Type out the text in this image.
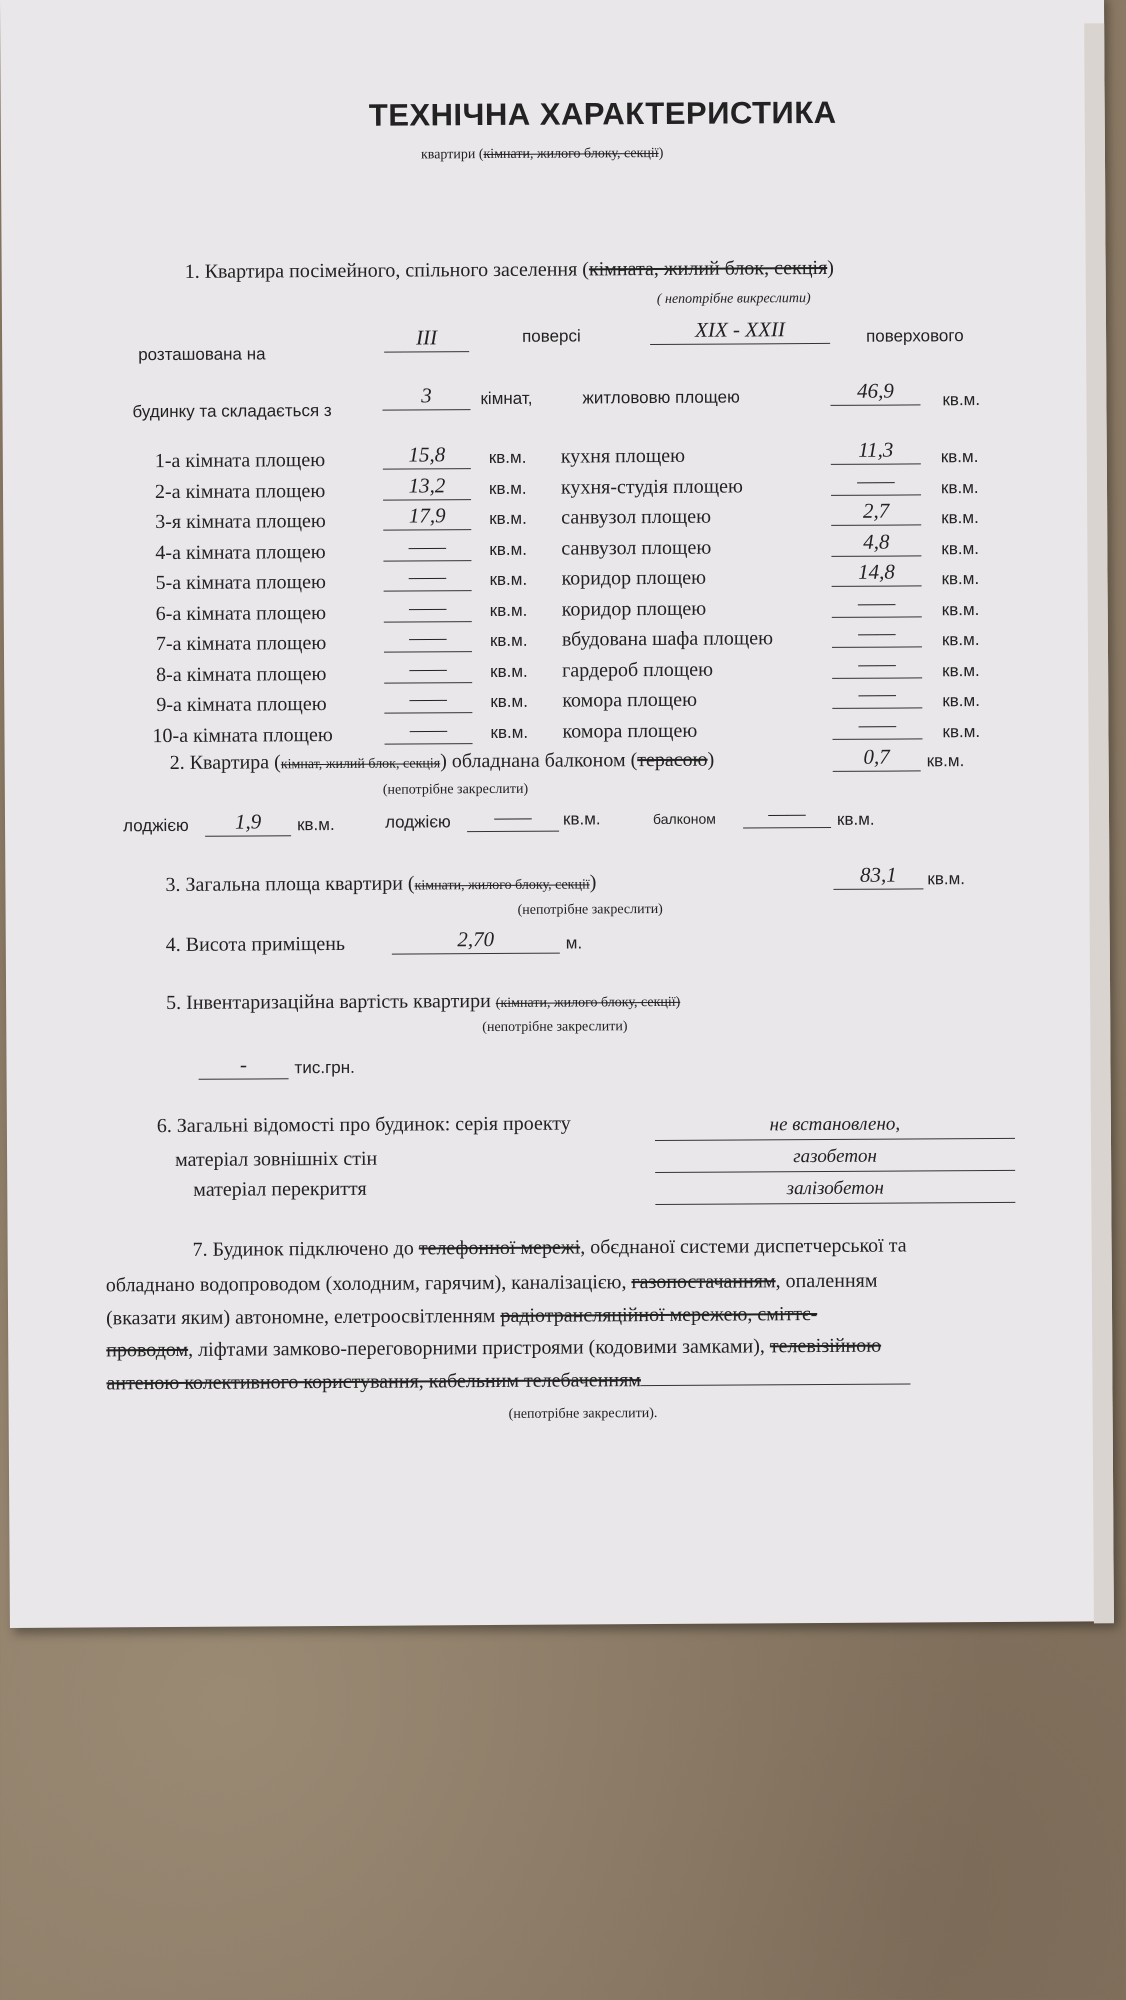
ТЕХНІЧНА ХАРАКТЕРИСТИКА
квартири (кімнати, жилого блоку, секції)
1. Квартира посімейного, спільного заселення (кімната, жилий блок, секція)
( непотрібне викреслити)
розташована на
III	поверсі	XIX - XXII	поверхового
будинку та складається з
3	кімнат,	житлововю площею	46,9	кв.м.
1-а кімната площею	15,8	кв.м. кухня площею	11,3	кв.м.
2-а кімната площею	13,2	кв.м. кухня-студія площею	——	кв.м.
3-я кімната площею	17,9	кв.м. санвузол площею	2,7	кв.м.
4-а кімната площею	——	кв.м. санвузол площею	4,8	кв.м.
5-а кімната площею	——	кв.м. коридор площею	14,8	кв.м.
6-а кімната площею	——	кв.м. коридор площею	——	кв.м.
7-а кімната площею	——	кв.м. вбудована шафа площею	——	кв.м.
8-а кімната площею	——	кв.м. гардероб площею	——	кв.м.
9-а кімната площею	——	кв.м. комора площею	——	кв.м.
10-а кімната площею	——	кв.м. комора площею	——	кв.м.
2. Квартира (кімнат, жилий блок, секція) обладнана балконом (терасою)	0,7	кв.м.
(непотрібне закреслити)
лоджією	1,9	кв.м.	лоджією	——	кв.м.	балконом	——	кв.м.
3. Загальна площа квартири (кімнати, жилого блоку, секції)	83,1	кв.м.
(непотрібне закреслити)
4. Висота приміщень	2,70	м.
5. Інвентаризаційна вартість квартири (кімнати, жилого блоку, секції)
(непотрібне закреслити)
-	тис.грн.
6. Загальні відомості про будинок: серія проекту	не встановлено,
матеріал зовнішніх стін	газобетон
матеріал перекриття	залізобетон
7. Будинок підключено до телефонної мережі, обєднаної системи диспетчерської та
обладнано водопроводом (холодним, гарячим), каналізацією, газопостачанням, опаленням
(вказати яким) автономне, елетроосвітленням радіотрансляційної мережею, сміттє-
проводом, ліфтами замково-переговорними пристроями (кодовими замками), телевізійною
антеною колективного користування, кабельним телебаченням
(непотрібне закреслити).
